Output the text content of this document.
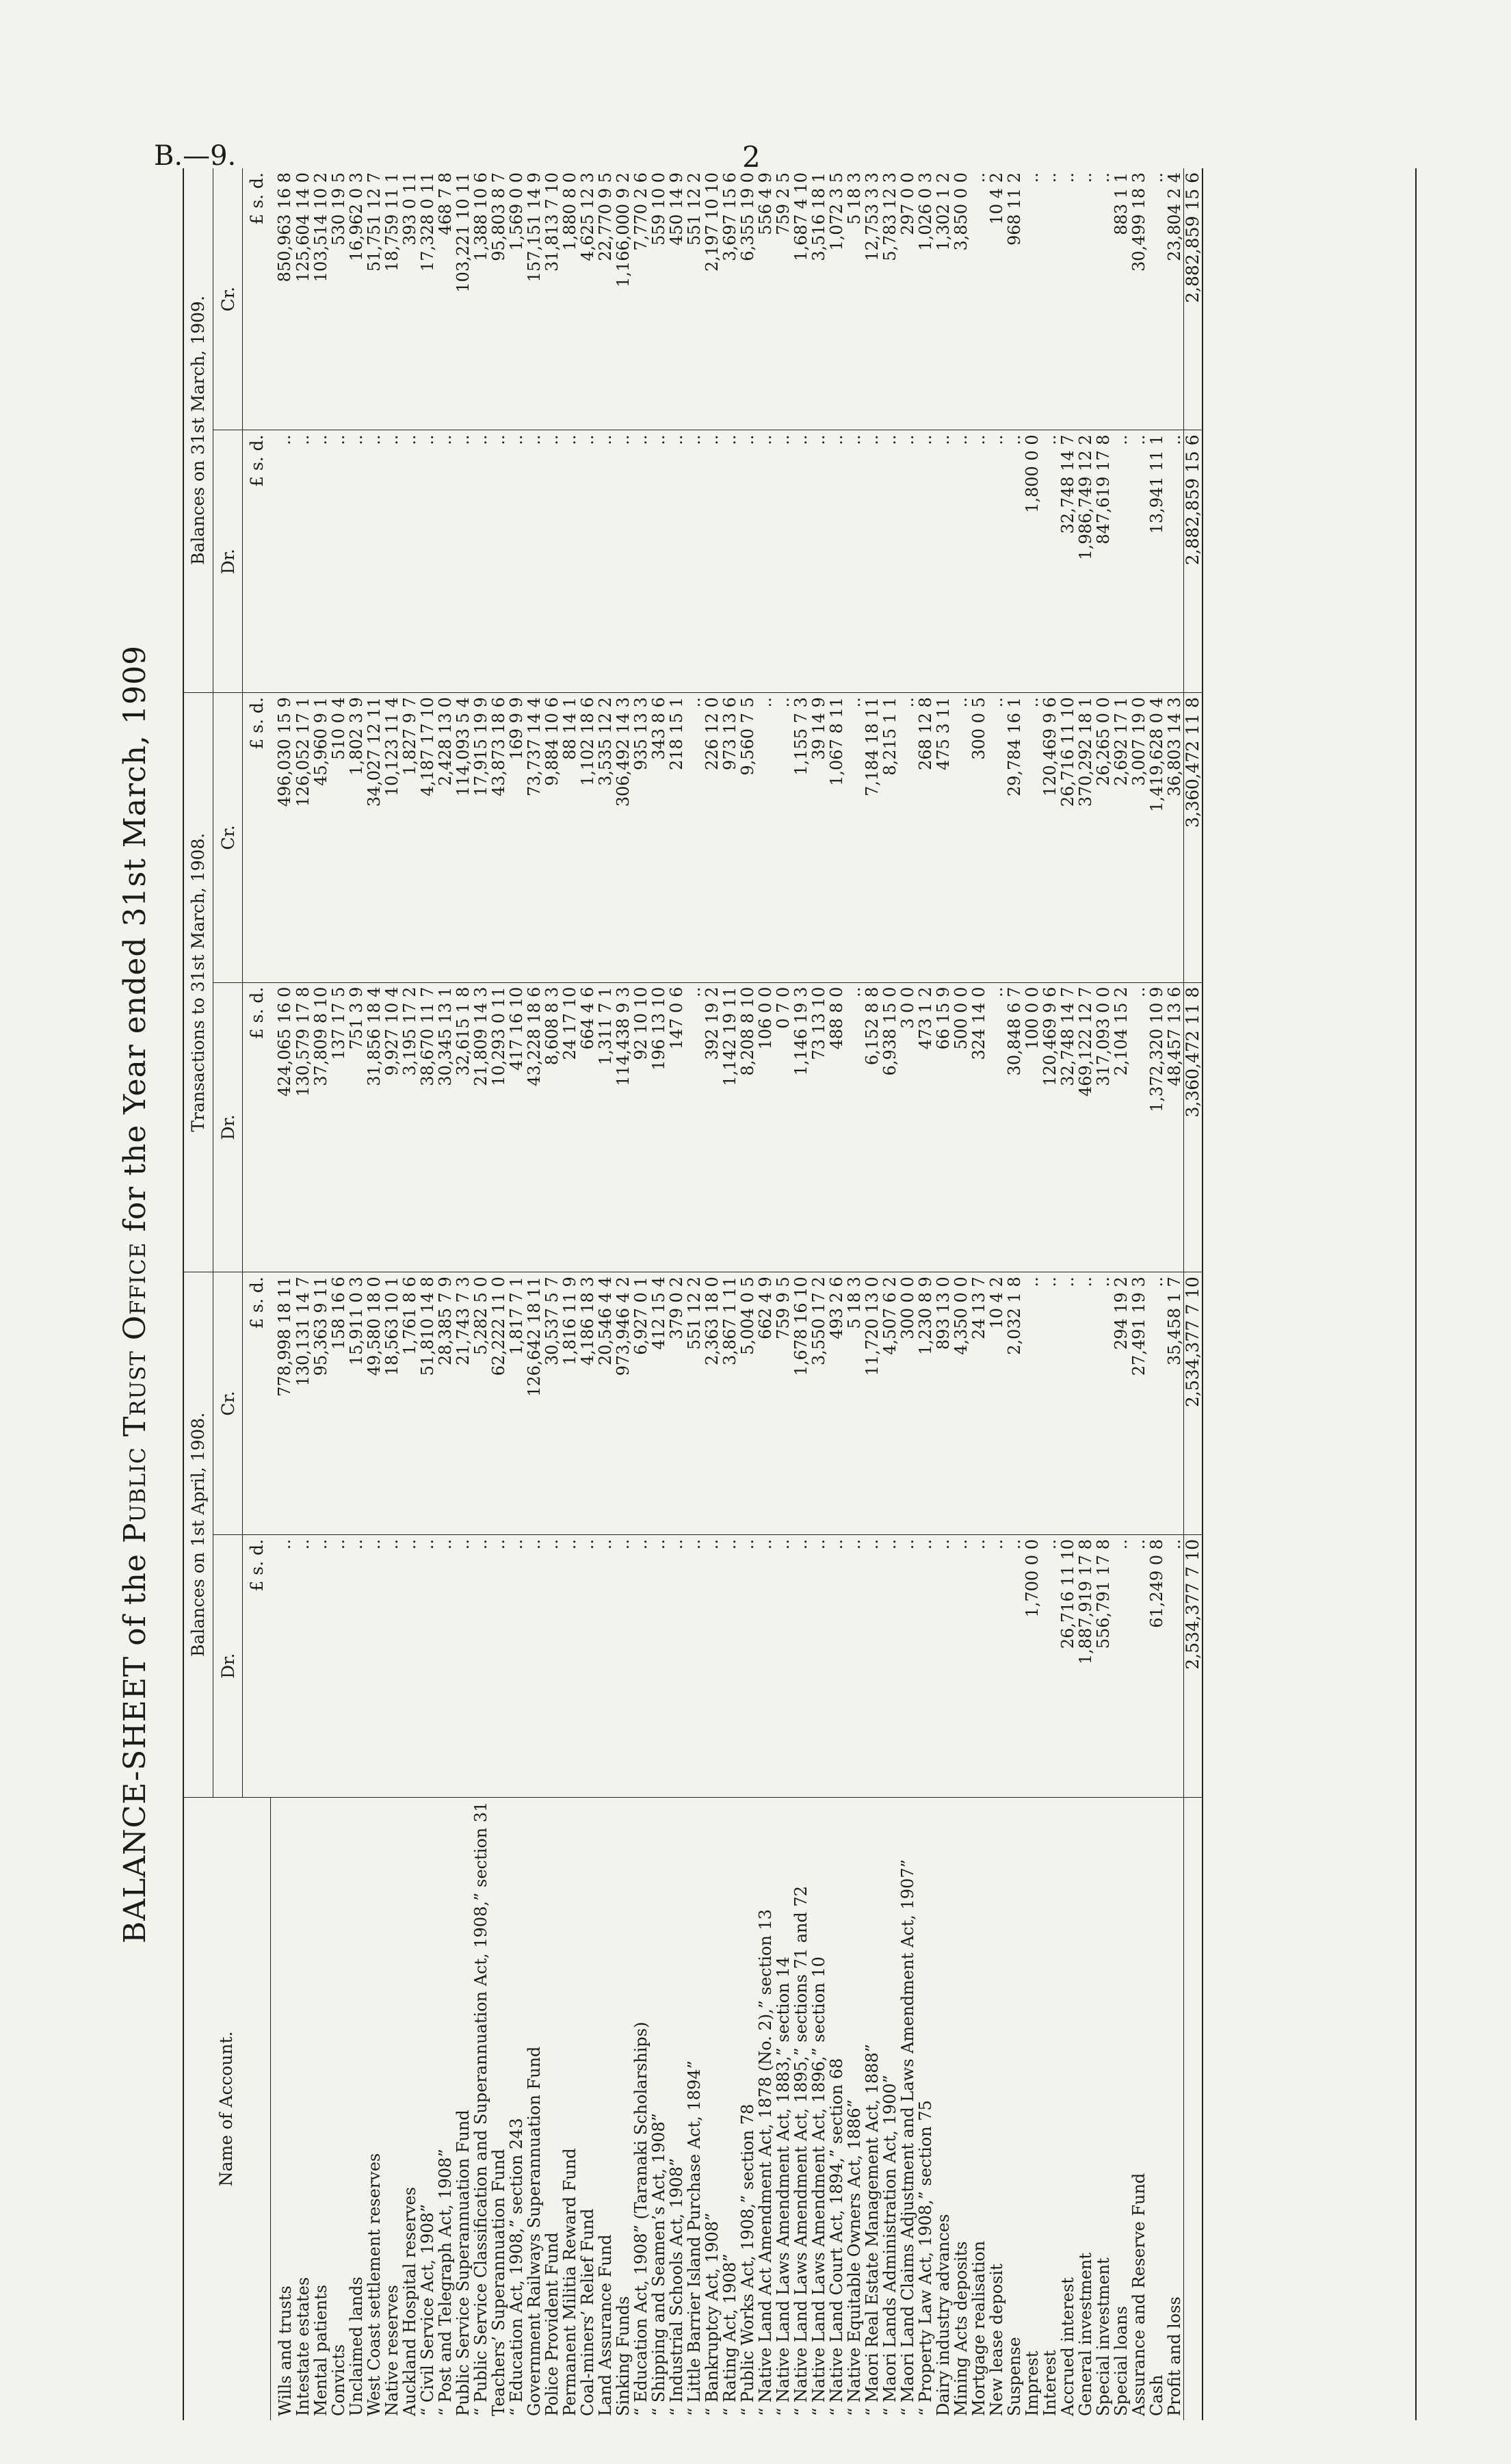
B.—9.	2
BALANCE-SHEET of the Public Trust Office for the Year ended 31st March, 1909
Name of Account.	Balances on 1st April, 1908.		Transactions to 31st March, 1908.		Balances on 31st March, 1909.	
	Dr.	Cr.	Dr.	Cr.	Dr.	Cr.
	£ s. d.	£ s. d.	£ s. d.	£ s. d.	£ s. d.	£ s. d.
Wills and trusts	..	778,998 18 11	424,065 16 0	496,030 15 9	..	850,963 16 8
Intestate estates	..	130,131 14 7	130,579 17 8	126,052 17 1	..	125,604 14 0
Mental patients	..	95,363 9 11	37,809 8 10	45,960 9 1	..	103,514 10 2
Convicts	..	158 16 6	137 17 5	510 0 4	..	530 19 5
Unclaimed lands	..	15,911 0 3	751 3 9	1,802 3 9	..	16,962 0 3
West Coast settlement reserves	..	49,580 18 0	31,856 18 4	34,027 12 11	..	51,751 12 7
Native reserves	..	18,563 10 1	9,927 10 4	10,123 11 4	..	18,759 11 1
Auckland Hospital reserves	..	1,761 8 6	3,195 17 2	1,827 9 7	..	393 0 11
“ Civil Service Act, 1908”	..	51,810 14 8	38,670 11 7	4,187 17 10	..	17,328 0 11
“ Post and Telegraph Act, 1908”	..	28,385 7 9	30,345 13 1	2,428 13 0	..	468 7 8
Public Service Superannuation Fund	..	21,743 7 3	32,615 1 8	114,093 5 4	..	103,221 10 11
“ Public Service Classification and Superannuation Act, 1908,” section 31	..	5,282 5 0	21,809 14 3	17,915 19 9	..	1,388 10 6
Teachers’ Superannuation Fund	..	62,222 11 0	10,293 0 11	43,873 18 6	..	95,803 8 7
“ Education Act, 1908,” section 243	..	1,817 7 1	417 16 10	169 9 9	..	1,569 0 0
Government Railways Superannuation Fund	..	126,642 18 11	43,228 18 6	73,737 14 4	..	157,151 14 9
Police Provident Fund	..	30,537 5 7	8,608 8 3	9,884 10 6	..	31,813 7 10
Permanent Militia Reward Fund	..	1,816 11 9	24 17 10	88 14 1	..	1,880 8 0
Coal-miners’ Relief Fund	..	4,186 18 3	664 4 6	1,102 18 6	..	4,625 12 3
Land Assurance Fund	..	20,546 4 4	1,311 7 1	3,535 12 2	..	22,770 9 5
Sinking Funds	..	973,946 4 2	114,438 9 3	306,492 14 3	..	1,166,000 9 2
“ Education Act, 1908” (Taranaki Scholarships)	..	6,927 0 1	92 10 10	935 13 3	..	7,770 2 6
“ Shipping and Seamen’s Act, 1908”	..	412 15 4	196 13 10	343 8 6	..	559 10 0
“ Industrial Schools Act, 1908”	..	379 0 2	147 0 6	218 15 1	..	450 14 9
“ Little Barrier Island Purchase Act, 1894”	..	551 12 2	..	..	..	551 12 2
“ Bankruptcy Act, 1908”	..	2,363 18 0	392 19 2	226 12 0	..	2,197 10 10
“ Rating Act, 1908”	..	3,867 1 11	1,142 19 11	973 13 6	..	3,697 15 6
“ Public Works Act, 1908,” section 78	..	5,004 0 5	8,208 8 10	9,560 7 5	..	6,355 19 0
“ Native Land Act Amendment Act, 1878 (No. 2),” section 13	..	662 4 9	106 0 0	..	..	556 4 9
“ Native Land Laws Amendment Act, 1883,” section 14	..	759 9 5	0 7 0	..	..	759 2 5
“ Native Land Laws Amendment Act, 1895,” sections 71 and 72	..	1,678 16 10	1,146 19 3	1,155 7 3	..	1,687 4 10
“ Native Land Laws Amendment Act, 1896,” section 10	..	3,550 17 2	73 13 10	39 14 9	..	3,516 18 1
“ Native Land Court Act, 1894,” section 68	..	493 2 6	488 8 0	1,067 8 11	..	1,072 3 5
“ Native Equitable Owners Act, 1886”	..	5 18 3	..	..	..	5 18 3
“ Maori Real Estate Management Act, 1888”	..	11,720 13 0	6,152 8 8	7,184 18 11	..	12,753 3 3
“ Maori Lands Administration Act, 1900”	..	4,507 6 2	6,938 15 0	8,215 1 1	..	5,783 12 3
“ Maori Land Claims Adjustment and Laws Amendment Act, 1907”	..	300 0 0	3 0 0	..	..	297 0 0
“ Property Law Act, 1908,” section 75	..	1,230 8 9	473 1 2	268 12 8	..	1,026 0 3
Dairy industry advances	..	893 13 0	66 15 9	475 3 11	..	1,302 1 2
Mining Acts deposits	..	4,350 0 0	500 0 0	..	..	3,850 0 0
Mortgage realisation	..	24 13 7	324 14 0	300 0 5	..	..
New lease deposit	..	10 4 2	..	..	..	10 4 2
Suspense	..	2,032 1 8	30,848 6 7	29,784 16 1	..	968 11 2
Imprest	1,700 0 0	..	100 0 0	..	1,800 0 0	..
Interest	..	..	120,469 9 6	120,469 9 6	..	..
Accrued interest	26,716 11 10	..	32,748 14 7	26,716 11 10	32,748 14 7	..
General investment	1,887,919 17 8	..	469,122 12 7	370,292 18 1	1,986,749 12 2	..
Special investment	556,791 17 8	..	317,093 0 0	26,265 0 0	847,619 17 8	..
Special loans	..	294 19 2	2,104 15 2	2,692 17 1	..	883 1 1
Assurance and Reserve Fund	..	27,491 19 3	..	3,007 19 0	..	30,499 18 3
Cash	61,249 0 8	..	1,372,320 10 9	1,419,628 0 4	13,941 11 1	..
Profit and loss	..	35,458 1 7	48,457 13 6	36,803 14 3	..	23,804 2 4
	2,534,377 7 10	2,534,377 7 10	3,360,472 11 8	3,360,472 11 8	2,882,859 15 6	2,882,859 15 6
